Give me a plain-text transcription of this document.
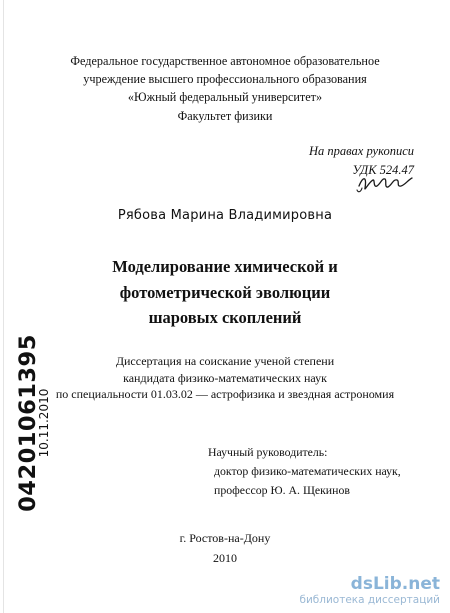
Федеральное государственное автономное образовательное
учреждение высшего профессионального образования
«Южный федеральный университет»
Факультет физики
На правах рукописи
УДК 524.47
Рябова Марина Владимировна
Моделирование химической и
фотометрической эволюции
шаровых скоплений
Диссертация на соискание ученой степени
кандидата физико-математических наук
по специальности 01.03.02 — астрофизика и звездная астрономия
04201061395
10.11.2010	Научный руководитель:
доктор физико-математических наук,
профессор Ю. А. Щекинов
г. Ростов-на-Дону
2010
dsLib.net
библиотека диссертаций
